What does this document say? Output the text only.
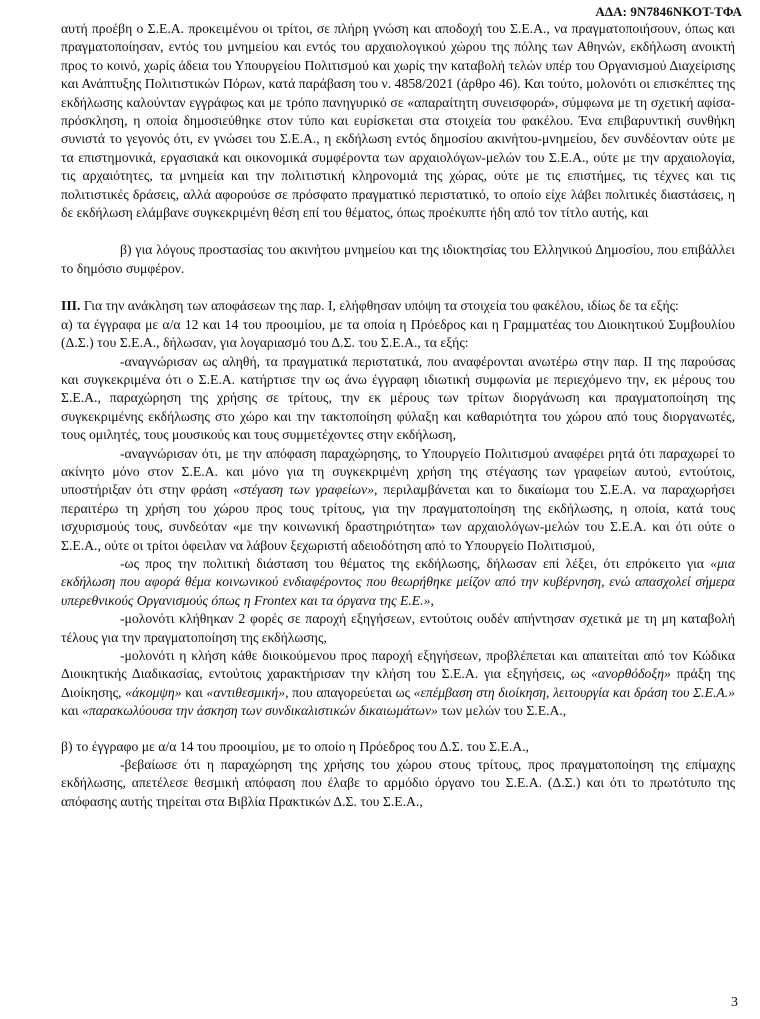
ΑΔΑ: 9Ν7846ΝΚΟΤ-ΤΦΑ

αυτή προέβη ο Σ.Ε.Α. προκειμένου οι τρίτοι, σε πλήρη γνώση και αποδοχή του Σ.Ε.Α., να πραγματοποιήσουν, όπως και πραγματοποίησαν, εντός του μνημείου και εντός του αρχαιολογικού χώρου της πόλης των Αθηνών, εκδήλωση ανοικτή προς το κοινό, χωρίς άδεια του Υπουργείου Πολιτισμού και χωρίς την καταβολή τελών υπέρ του Οργανισμού Διαχείρισης και Ανάπτυξης Πολιτιστικών Πόρων, κατά παράβαση του ν. 4858/2021 (άρθρο 46). Και τούτο, μολονότι οι επισκέπτες της εκδήλωσης καλούνταν εγγράφως και με τρόπο πανηγυρικό σε «απαραίτητη συνεισφορά», σύμφωνα με τη σχετική αφίσα-πρόσκληση, η οποία δημοσιεύθηκε στον τύπο και ευρίσκεται στα στοιχεία του φακέλου. Ένα επιβαρυντική συνθήκη συνιστά το γεγονός ότι, εν γνώσει του Σ.Ε.Α., η εκδήλωση εντός δημοσίου ακινήτου-μνημείου, δεν συνδέονταν ούτε με τα επιστημονικά, εργασιακά και οικονομικά συμφέροντα των αρχαιολόγων-μελών του Σ.Ε.Α., ούτε με την αρχαιολογία, τις αρχαιότητες, τα μνημεία και την πολιτιστική κληρονομιά της χώρας, ούτε με τις επιστήμες, τις τέχνες και τις πολιτιστικές δράσεις, αλλά αφορούσε σε πρόσφατο πραγματικό περιστατικό, το οποίο είχε λάβει πολιτικές διαστάσεις, η δε εκδήλωση ελάμβανε συγκεκριμένη θέση επί του θέματος, όπως προέκυπτε ήδη από τον τίτλο αυτής, και

β) για λόγους προστασίας του ακινήτου μνημείου και της ιδιοκτησίας του Ελληνικού Δημοσίου, που επιβάλλει το δημόσιο συμφέρον.

ΙΙΙ. Για την ανάκληση των αποφάσεων της παρ. Ι, ελήφθησαν υπόψη τα στοιχεία του φακέλου, ιδίως δε τα εξής:

α) τα έγγραφα με α/α 12 και 14 του προοιμίου, με τα οποία η Πρόεδρος και η Γραμματέας του Διοικητικού Συμβουλίου (Δ.Σ.) του Σ.Ε.Α., δήλωσαν, για λογαριασμό του Δ.Σ. του Σ.Ε.Α., τα εξής:

-αναγνώρισαν ως αληθή, τα πραγματικά περιστατικά, που αναφέρονται ανωτέρω στην παρ. ΙΙ της παρούσας και συγκεκριμένα ότι ο Σ.Ε.Α. κατήρτισε την ως άνω έγγραφη ιδιωτική συμφωνία με περιεχόμενο την, εκ μέρους του Σ.Ε.Α., παραχώρηση της χρήσης σε τρίτους, την εκ μέρους των τρίτων διοργάνωση και πραγματοποίηση της συγκεκριμένης εκδήλωσης στο χώρο και την τακτοποίηση φύλαξη και καθαριότητα του χώρου από τους διοργανωτές, τους ομιλητές, τους μουσικούς και τους συμμετέχοντες στην εκδήλωση,

-αναγνώρισαν ότι, με την απόφαση παραχώρησης, το Υπουργείο Πολιτισμού αναφέρει ρητά ότι παραχωρεί το ακίνητο μόνο στον Σ.Ε.Α. και μόνο για τη συγκεκριμένη χρήση της στέγασης των γραφείων αυτού, εντούτοις, υποστήριξαν ότι στην φράση «στέγαση των γραφείων», περιλαμβάνεται και το δικαίωμα του Σ.Ε.Α. να παραχωρήσει περαιτέρω τη χρήση του χώρου προς τους τρίτους, για την πραγματοποίηση της εκδήλωσης, η οποία, κατά τους ισχυρισμούς τους, συνδεόταν «με την κοινωνική δραστηριότητα» των αρχαιολόγων-μελών του Σ.Ε.Α. και ότι ούτε ο Σ.Ε.Α., ούτε οι τρίτοι όφειλαν να λάβουν ξεχωριστή αδειοδότηση από το Υπουργείο Πολιτισμού,

-ως προς την πολιτική διάσταση του θέματος της εκδήλωσης, δήλωσαν επί λέξει, ότι επρόκειτο για «μια εκδήλωση που αφορά θέμα κοινωνικού ενδιαφέροντος που θεωρήθηκε μείζον από την κυβέρνηση, ενώ απασχολεί σήμερα υπερεθνικούς Οργανισμούς όπως η Frontex και τα όργανα της Ε.Ε.»,

-μολονότι κλήθηκαν 2 φορές σε παροχή εξηγήσεων, εντούτοις ουδέν απήντησαν σχετικά με τη μη καταβολή τέλους για την πραγματοποίηση της εκδήλωσης,

-μολονότι η κλήση κάθε διοικούμενου προς παροχή εξηγήσεων, προβλέπεται και απαιτείται από τον Κώδικα Διοικητικής Διαδικασίας, εντούτοις χαρακτήρισαν την κλήση του Σ.Ε.Α. για εξηγήσεις, ως «ανορθόδοξη» πράξη της Διοίκησης, «άκομψη» και «αντιθεσμική», που απαγορεύεται ως «επέμβαση στη διοίκηση, λειτουργία και δράση του Σ.Ε.Α.» και «παρακωλύουσα την άσκηση των συνδικαλιστικών δικαιωμάτων» των μελών του Σ.Ε.Α.,

β) το έγγραφο με α/α 14 του προοιμίου, με το οποίο η Πρόεδρος του Δ.Σ. του Σ.Ε.Α.,

-βεβαίωσε ότι η παραχώρηση της χρήσης του χώρου στους τρίτους, προς πραγματοποίηση της επίμαχης εκδήλωσης, απετέλεσε θεσμική απόφαση που έλαβε το αρμόδιο όργανο του Σ.Ε.Α. (Δ.Σ.) και ότι το πρωτότυπο της απόφασης αυτής τηρείται στα Βιβλία Πρακτικών Δ.Σ. του Σ.Ε.Α.,

3
